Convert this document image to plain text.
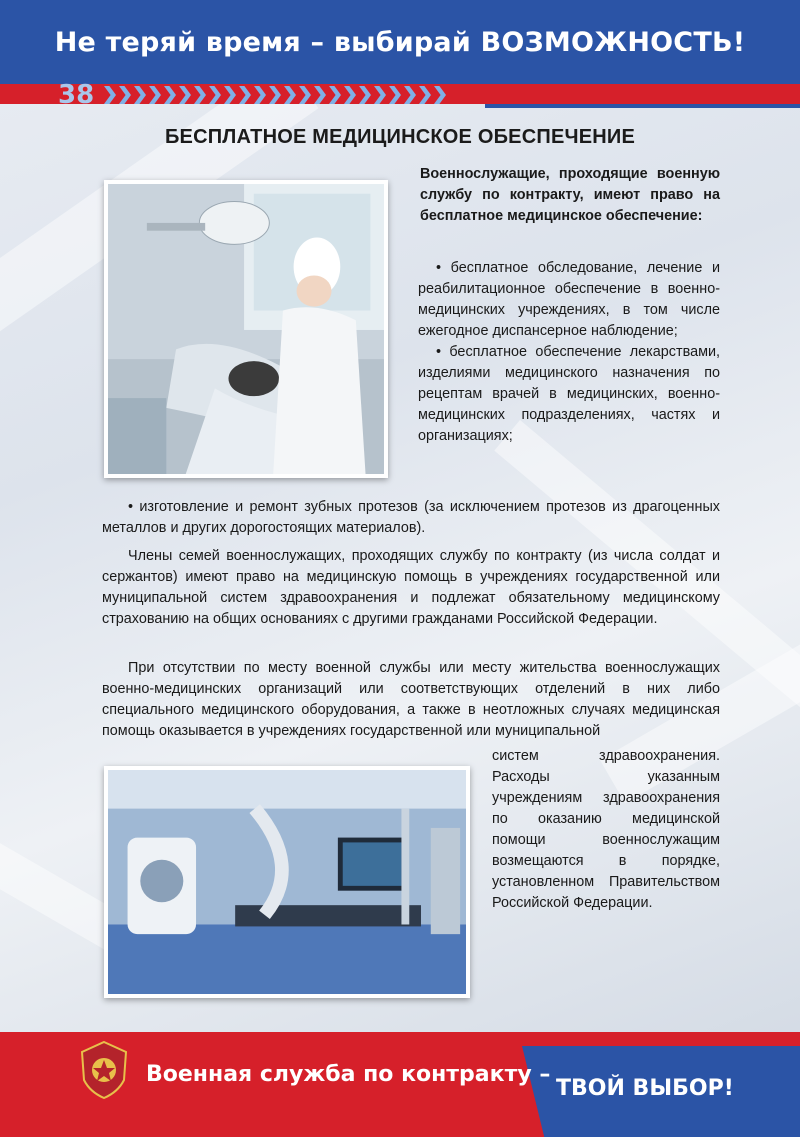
Не теряй время – выбирай ВОЗМОЖНОСТЬ!
38
БЕСПЛАТНОЕ МЕДИЦИНСКОЕ ОБЕСПЕЧЕНИЕ
Военнослужащие, проходящие военную службу по контракту, имеют право на бесплатное медицинское обеспечение:

• бесплатное обследование, лечение и реабилитационное обеспечение в военно-медицинских учреждениях, в том числе ежегодное диспансерное наблюдение;

• бесплатное обеспечение лекарствами, изделиями медицинского назначения по рецептам врачей в медицинских, военно-медицинских подразделениях, частях и организациях;

• изготовление и ремонт зубных протезов (за исключением протезов из драгоценных металлов и других дорогостоящих материалов).

Члены семей военнослужащих, проходящих службу по контракту (из числа солдат и сержантов) имеют право на медицинскую помощь в учреждениях государственной или муниципальной систем здравоохранения и подлежат обязательному медицинскому страхованию на общих основаниях с другими гражданами Российской Федерации.

При отсутствии по месту военной службы или месту жительства военнослужащих военно-медицинских организаций или соответствующих отделений в них либо специального медицинского оборудования, а также в неотложных случаях медицинская помощь оказывается в учреждениях государственной или муниципальной

систем здравоохранения. Расходы указанным учреждениям здравоохранения по оказанию медицинской помощи военнослужащим возмещаются в порядке, установленном Правительством Российской Федерации.

Военная служба по контракту –
ТВОЙ ВЫБОР!
